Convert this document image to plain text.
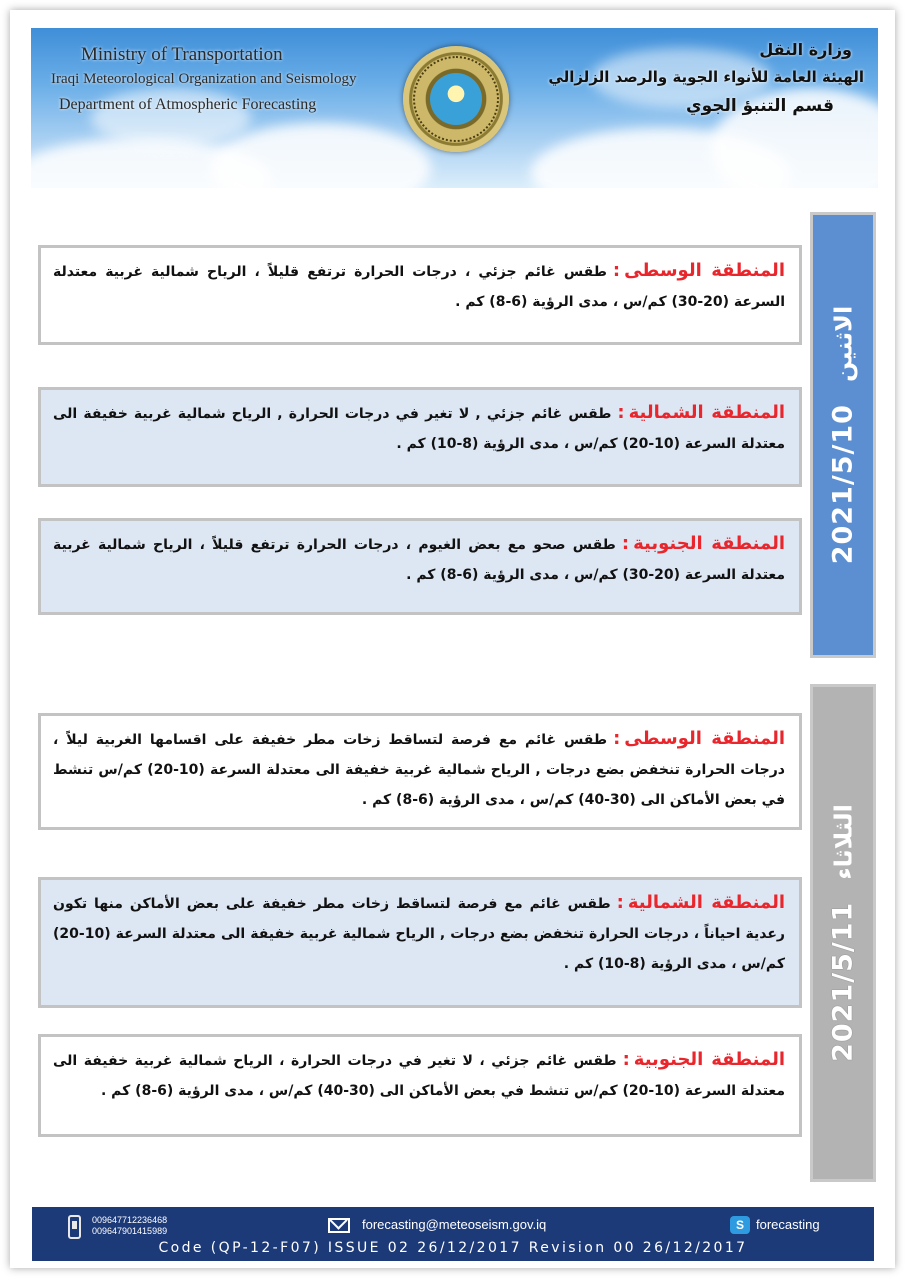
Ministry of Transportation
Iraqi Meteorological Organization and Seismology
Department of Atmospheric Forecasting
وزارة النقل
الهيئة العامة للأنواء الجوية والرصد الزلزالي
قسم التنبؤ الجوي
2021/5/10
الاثنين
2021/5/11
الثلاثاء
المنطقة الوسطى:طقس غائم جزئي ، درجات الحرارة ترتفع قليلاً ، الرياح شمالية غربية معتدلة السرعة (20-30) كم/س ، مدى الرؤية (6-8) كم .
المنطقة الشمالية:طقس غائم جزئي , لا تغير في درجات الحرارة , الرياح شمالية غربية خفيفة الى معتدلة السرعة (10-20) كم/س ، مدى الرؤية (8-10) كم .
المنطقة الجنوبية:طقس صحو مع بعض الغيوم ، درجات الحرارة ترتفع قليلاً ، الرياح شمالية غربية معتدلة السرعة (20-30) كم/س ، مدى الرؤية (6-8) كم .
المنطقة الوسطى:طقس غائم مع فرصة لتساقط زخات مطر خفيفة على اقسامها الغربية ليلاً ، درجات الحرارة تنخفض بضع درجات , الرياح شمالية غربية خفيفة الى معتدلة السرعة (10-20) كم/س تنشط في بعض الأماكن الى (30-40) كم/س ، مدى الرؤية (6-8) كم .
المنطقة الشمالية:طقس غائم مع فرصة لتساقط زخات مطر خفيفة على بعض الأماكن منها تكون رعدية احياناً ، درجات الحرارة تنخفض بضع درجات , الرياح شمالية غربية خفيفة الى معتدلة السرعة (10-20) كم/س ، مدى الرؤية (8-10) كم .
المنطقة الجنوبية:طقس غائم جزئي ، لا تغير في درجات الحرارة ، الرياح شمالية غربية خفيفة الى معتدلة السرعة (10-20) كم/س تنشط في بعض الأماكن الى (30-40) كم/س ، مدى الرؤية (6-8) كم .
009647712236468
009647901415989	forecasting@meteoseism.gov.iq	S forecasting
Code (QP-12-F07) ISSUE 02 26/12/2017 Revision 00 26/12/2017
